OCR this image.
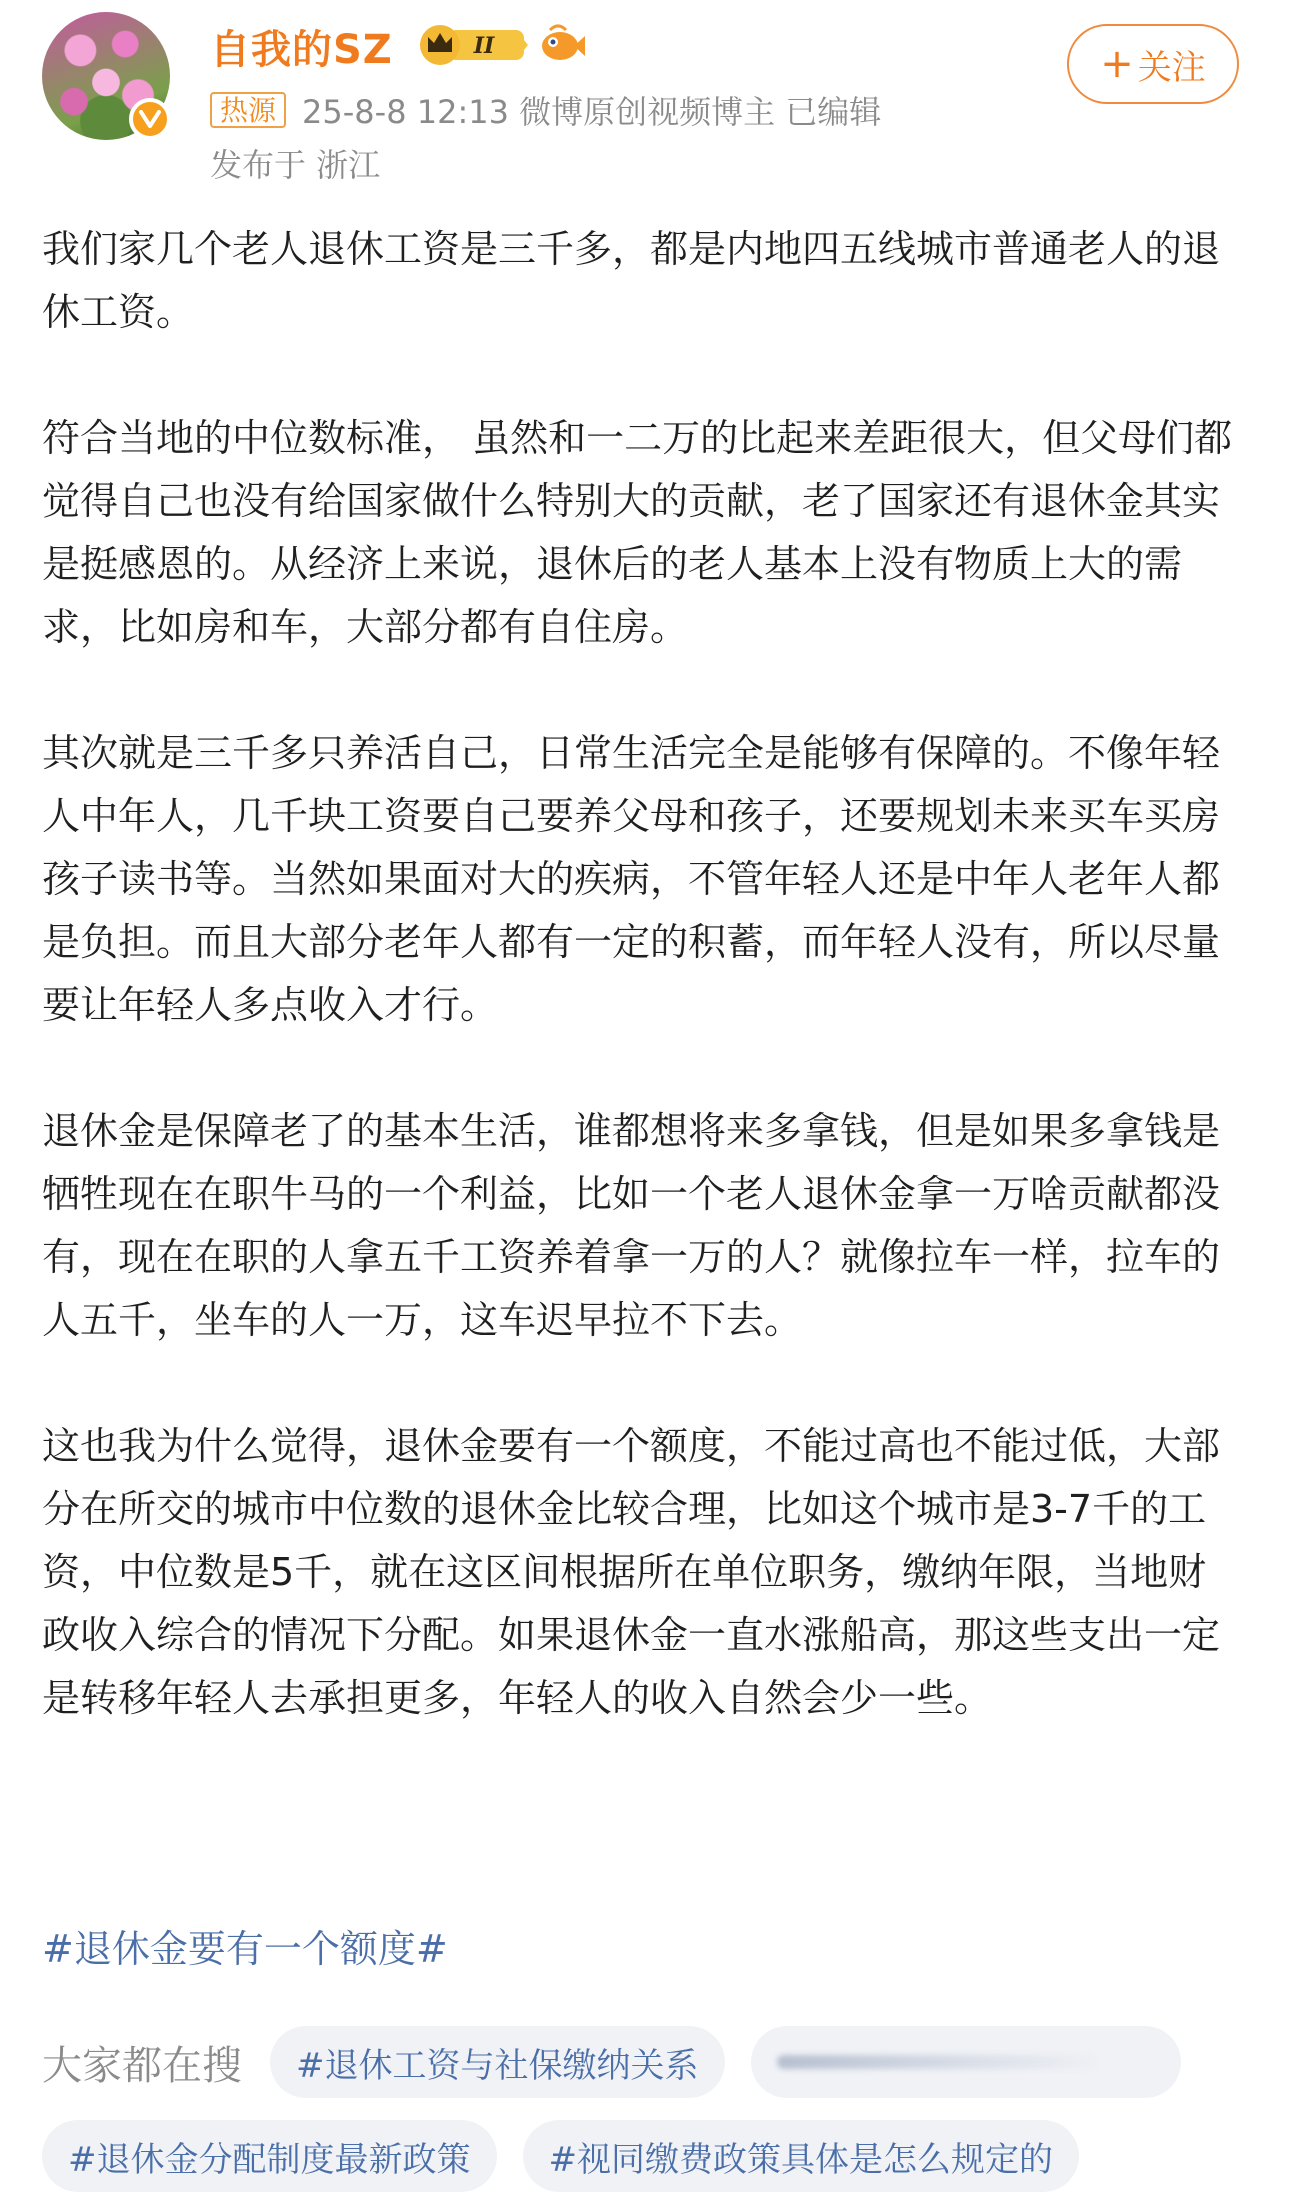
自我的SZ	II
热源 25-8-8 12:13 微博原创视频博主 已编辑
发布于 浙江
+ 关注

我们家几个老人退休工资是三千多，都是内地四五线城市普通老人的退休工资。

符合当地的中位数标准， 虽然和一二万的比起来差距很大，但父母们都觉得自己也没有给国家做什么特别大的贡献，老了国家还有退休金其实是挺感恩的。从经济上来说，退休后的老人基本上没有物质上大的需求，比如房和车，大部分都有自住房。

其次就是三千多只养活自己，日常生活完全是能够有保障的。不像年轻人中年人，几千块工资要自己要养父母和孩子，还要规划未来买车买房孩子读书等。当然如果面对大的疾病，不管年轻人还是中年人老年人都是负担。而且大部分老年人都有一定的积蓄，而年轻人没有，所以尽量要让年轻人多点收入才行。

退休金是保障老了的基本生活，谁都想将来多拿钱，但是如果多拿钱是牺牲现在在职牛马的一个利益，比如一个老人退休金拿一万啥贡献都没有，现在在职的人拿五千工资养着拿一万的人？就像拉车一样，拉车的人五千，坐车的人一万，这车迟早拉不下去。

这也我为什么觉得，退休金要有一个额度，不能过高也不能过低，大部分在所交的城市中位数的退休金比较合理，比如这个城市是3-7千的工资，中位数是5千，就在这区间根据所在单位职务，缴纳年限，当地财政收入综合的情况下分配。如果退休金一直水涨船高，那这些支出一定是转移年轻人去承担更多，年轻人的收入自然会少一些。

#退休金要有一个额度#
大家都在搜	#退休工资与社保缴纳关系
#退休金分配制度最新政策	#视同缴费政策具体是怎么规定的
